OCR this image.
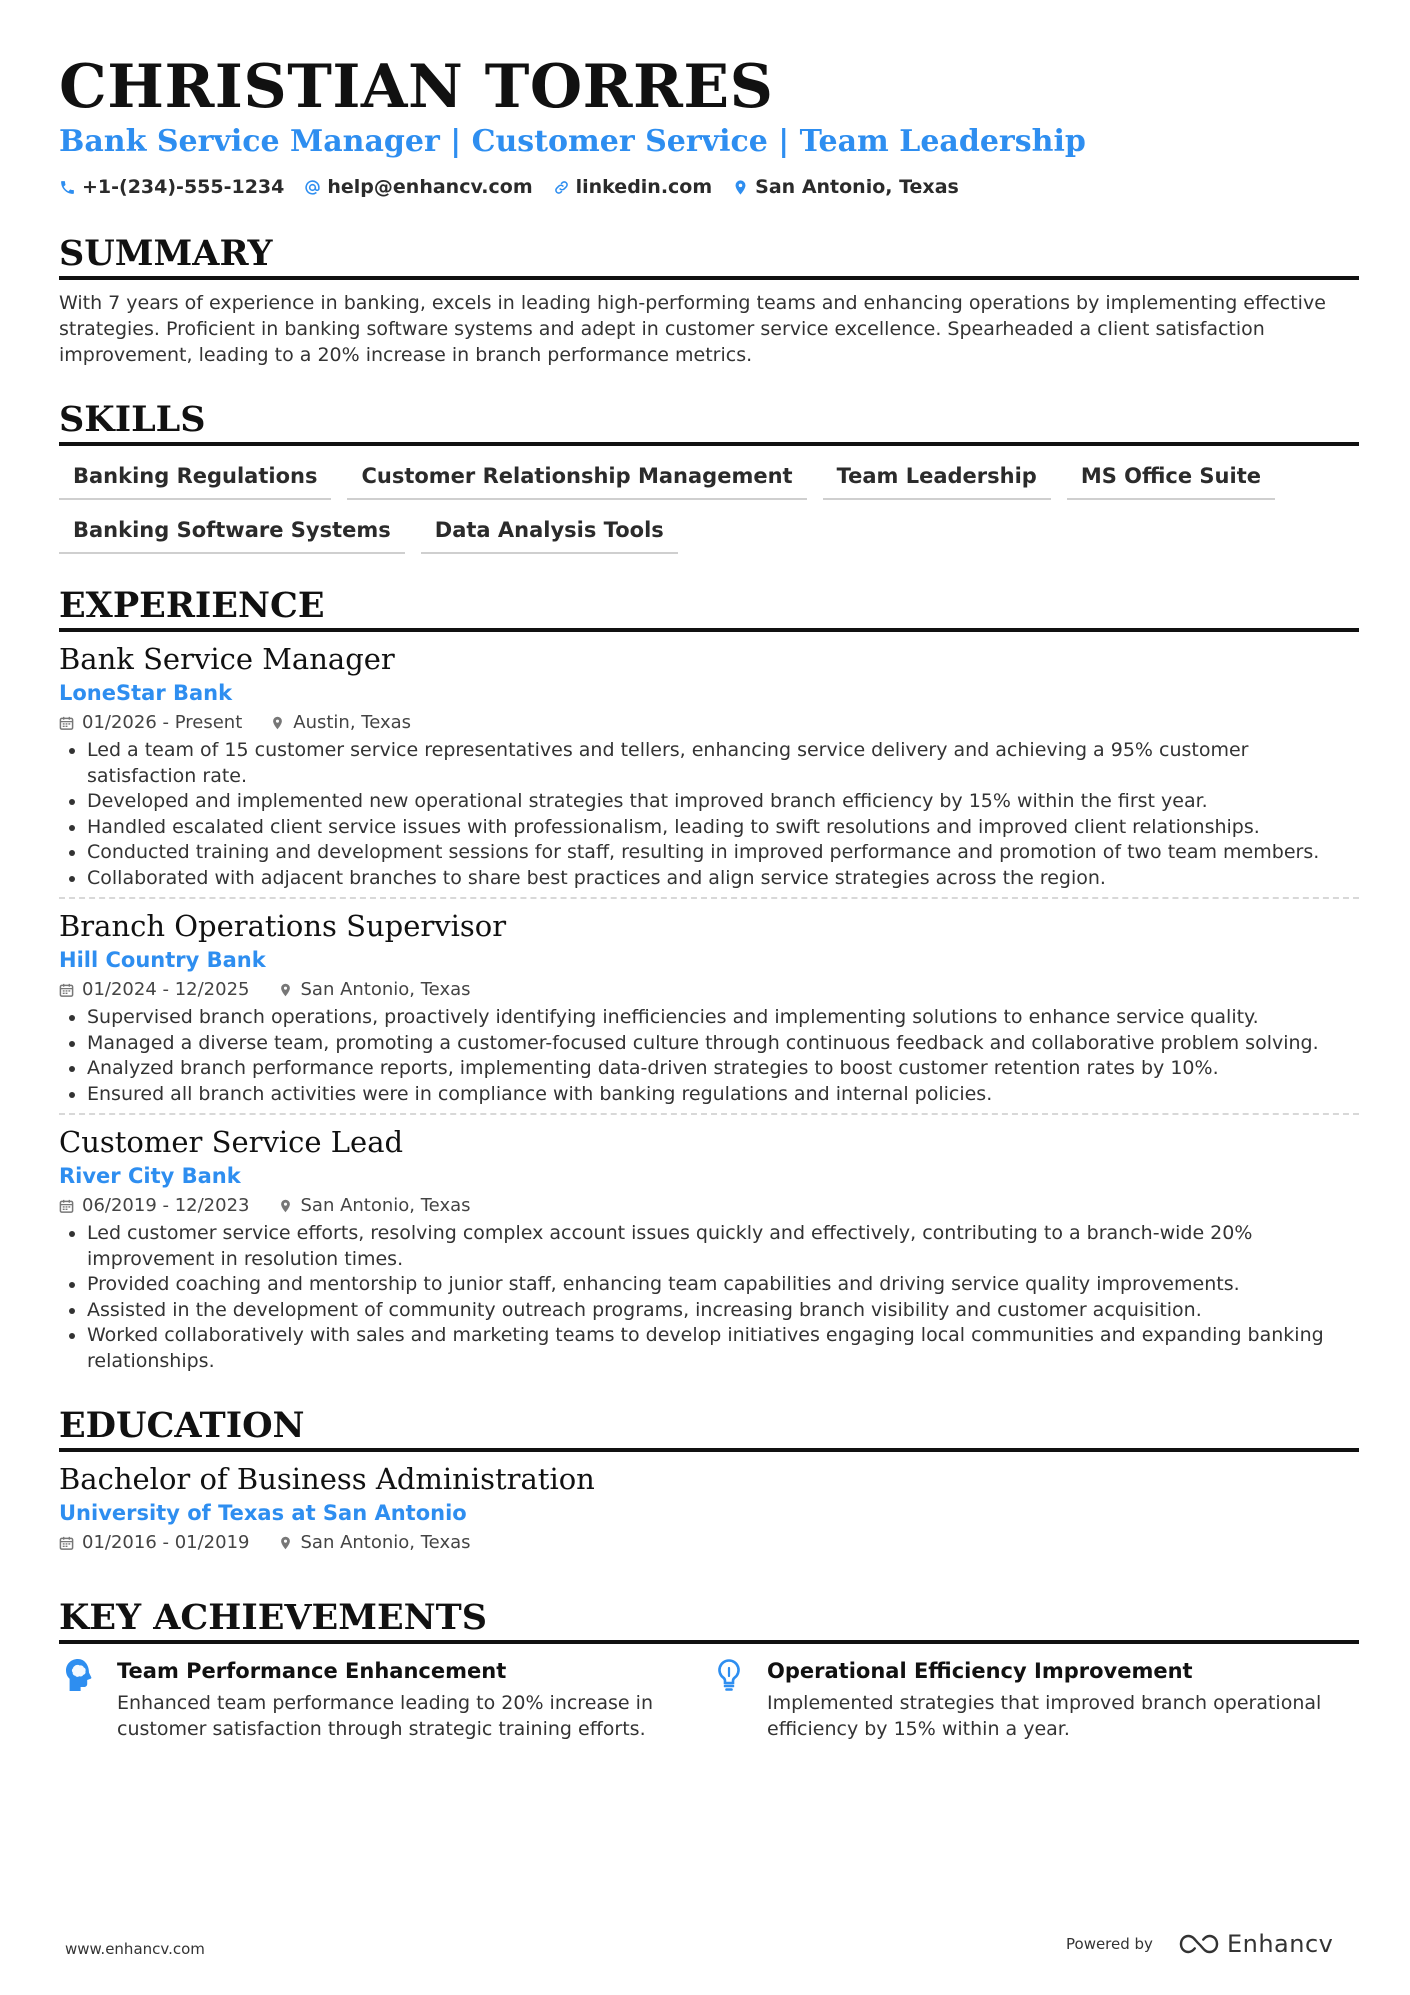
CHRISTIAN TORRES
Bank Service Manager | Customer Service | Team Leadership
+1-(234)-555-1234 help@enhancv.com linkedin.com San Antonio, Texas
SUMMARY

With 7 years of experience in banking, excels in leading high-performing teams and enhancing operations by implementing effective strategies. Proficient in banking software systems and adept in customer service excellence. Spearheaded a client satisfaction improvement, leading to a 20% increase in branch performance metrics.

SKILLS
Banking Regulations	Customer Relationship Management	Team Leadership	MS Office Suite
Banking Software Systems	Data Analysis Tools
EXPERIENCE
Bank Service Manager
LoneStar Bank
01/2026 - Present	Austin, Texas
• Led a team of 15 customer service representatives and tellers, enhancing service delivery and achieving a 95% customer satisfaction rate.
• Developed and implemented new operational strategies that improved branch efficiency by 15% within the first year.
• Handled escalated client service issues with professionalism, leading to swift resolutions and improved client relationships.
• Conducted training and development sessions for staff, resulting in improved performance and promotion of two team members.
• Collaborated with adjacent branches to share best practices and align service strategies across the region.
Branch Operations Supervisor
Hill Country Bank
01/2024 - 12/2025	San Antonio, Texas
• Supervised branch operations, proactively identifying inefficiencies and implementing solutions to enhance service quality.
• Managed a diverse team, promoting a customer-focused culture through continuous feedback and collaborative problem solving.
• Analyzed branch performance reports, implementing data-driven strategies to boost customer retention rates by 10%.
• Ensured all branch activities were in compliance with banking regulations and internal policies.
Customer Service Lead
River City Bank
06/2019 - 12/2023	San Antonio, Texas
• Led customer service efforts, resolving complex account issues quickly and effectively, contributing to a branch-wide 20% improvement in resolution times.
• Provided coaching and mentorship to junior staff, enhancing team capabilities and driving service quality improvements.
• Assisted in the development of community outreach programs, increasing branch visibility and customer acquisition.
• Worked collaboratively with sales and marketing teams to develop initiatives engaging local communities and expanding banking relationships.
EDUCATION
Bachelor of Business Administration
University of Texas at San Antonio
01/2016 - 01/2019	San Antonio, Texas
KEY ACHIEVEMENTS
Team Performance Enhancement
Enhanced team performance leading to 20% increase in customer satisfaction through strategic training efforts.
Operational Efficiency Improvement
Implemented strategies that improved branch operational efficiency by 15% within a year.
www.enhancv.com	Powered by	Enhancv
